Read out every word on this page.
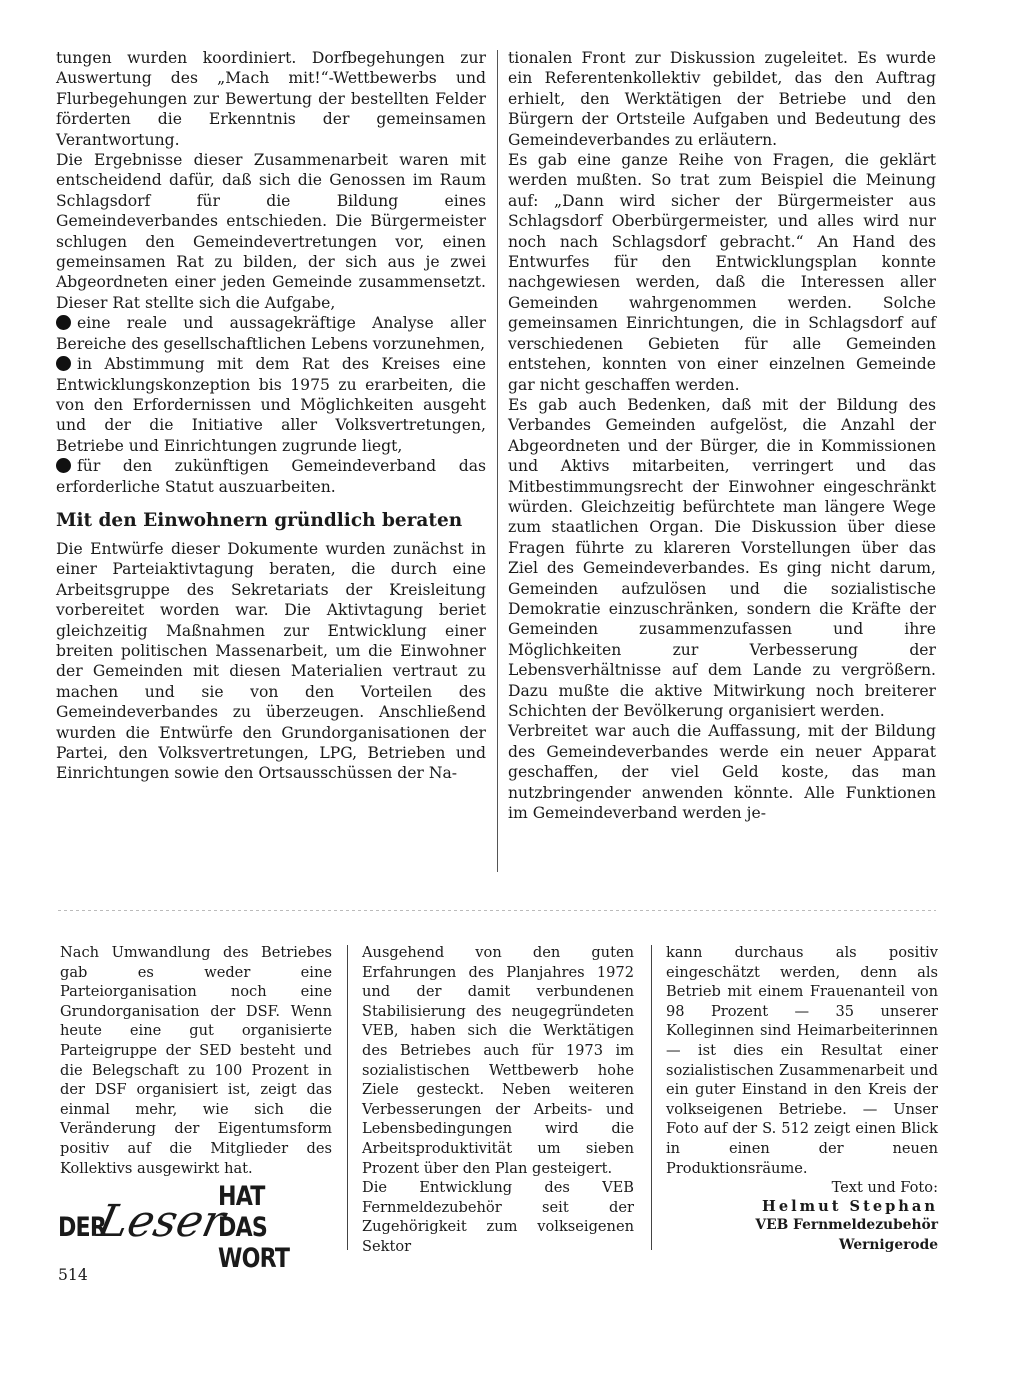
tungen wurden koordiniert. Dorfbegehungen zur Auswertung des „Mach mit!“-Wettbewerbs und Flurbegehungen zur Bewertung der bestellten Felder förderten die Erkenntnis der gemeinsamen Verantwortung.

Die Ergebnisse dieser Zusammenarbeit waren mit entscheidend dafür, daß sich die Genossen im Raum Schlagsdorf für die Bildung eines Gemeindeverbandes entschieden. Die Bürgermeister schlugen den Gemeindevertretungen vor, einen gemeinsamen Rat zu bilden, der sich aus je zwei Abgeordneten einer jeden Gemeinde zusammensetzt. Dieser Rat stellte sich die Aufgabe,

eine reale und aussagekräftige Analyse aller Bereiche des gesellschaftlichen Lebens vorzunehmen,

in Abstimmung mit dem Rat des Kreises eine Entwicklungskonzeption bis 1975 zu erarbeiten, die von den Erfordernissen und Möglichkeiten ausgeht und der die Initiative aller Volksvertretungen, Betriebe und Einrichtungen zugrunde liegt,

für den zukünftigen Gemeindeverband das erforderliche Statut auszuarbeiten.

Mit den Einwohnern gründlich beraten

Die Entwürfe dieser Dokumente wurden zunächst in einer Parteiaktivtagung beraten, die durch eine Arbeitsgruppe des Sekretariats der Kreisleitung vorbereitet worden war. Die Aktivtagung beriet gleichzeitig Maßnahmen zur Entwicklung einer breiten politischen Massenarbeit, um die Einwohner der Gemeinden mit diesen Materialien vertraut zu machen und sie von den Vorteilen des Gemeindeverbandes zu überzeugen. Anschließend wurden die Entwürfe den Grundorganisationen der Partei, den Volksvertretungen, LPG, Betrieben und Einrichtungen sowie den Ortsausschüssen der Na-

tionalen Front zur Diskussion zugeleitet. Es wurde ein Referentenkollektiv gebildet, das den Auftrag erhielt, den Werktätigen der Betriebe und den Bürgern der Ortsteile Aufgaben und Bedeutung des Gemeindeverbandes zu erläutern.

Es gab eine ganze Reihe von Fragen, die geklärt werden mußten. So trat zum Beispiel die Meinung auf: „Dann wird sicher der Bürgermeister aus Schlagsdorf Oberbürgermeister, und alles wird nur noch nach Schlagsdorf gebracht.“ An Hand des Entwurfes für den Entwicklungsplan konnte nachgewiesen werden, daß die Interessen aller Gemeinden wahrgenommen werden. Solche gemeinsamen Einrichtungen, die in Schlagsdorf auf verschiedenen Gebieten für alle Gemeinden entstehen, konnten von einer einzelnen Gemeinde gar nicht geschaffen werden.

Es gab auch Bedenken, daß mit der Bildung des Verbandes Gemeinden aufgelöst, die Anzahl der Abgeordneten und der Bürger, die in Kommissionen und Aktivs mitarbeiten, verringert und das Mitbestimmungsrecht der Einwohner eingeschränkt würden. Gleichzeitig befürchtete man längere Wege zum staatlichen Organ. Die Diskussion über diese Fragen führte zu klareren Vorstellungen über das Ziel des Gemeindeverbandes. Es ging nicht darum, Gemeinden aufzulösen und die sozialistische Demokratie einzuschränken, sondern die Kräfte der Gemeinden zusammenzufassen und ihre Möglichkeiten zur Verbesserung der Lebensverhältnisse auf dem Lande zu vergrößern. Dazu mußte die aktive Mitwirkung noch breiterer Schichten der Bevölkerung organisiert werden.

Verbreitet war auch die Auffassung, mit der Bildung des Gemeindeverbandes werde ein neuer Apparat geschaffen, der viel Geld koste, das man nutzbringender anwenden könnte. Alle Funktionen im Gemeindeverband werden je-

Nach Umwandlung des Betriebes gab es weder eine Parteiorganisation noch eine Grundorganisation der DSF. Wenn heute eine gut organisierte Parteigruppe der SED besteht und die Belegschaft zu 100 Prozent in der DSF organisiert ist, zeigt das einmal mehr, wie sich die Veränderung der Eigentumsform positiv auf die Mitglieder des Kollektivs ausgewirkt hat.

Ausgehend von den guten Erfahrungen des Planjahres 1972 und der damit verbundenen Stabilisierung des neugegründeten VEB, haben sich die Werktätigen des Betriebes auch für 1973 im sozialistischen Wettbewerb hohe Ziele gesteckt. Neben weiteren Verbesserungen der Arbeits- und Lebensbedingungen wird die Arbeitsproduktivität um sieben Prozent über den Plan gesteigert.

Die Entwicklung des VEB Fernmeldezubehör seit der Zugehörigkeit zum volkseigenen Sektor

kann durchaus als positiv eingeschätzt werden, denn als Betrieb mit einem Frauenanteil von 98 Prozent — 35 unserer Kolleginnen sind Heimarbeiterinnen — ist dies ein Resultat einer sozialistischen Zusammenarbeit und ein guter Einstand in den Kreis der volkseigenen Betriebe. — Unser Foto auf der S. 512 zeigt einen Blick in einen der neuen Produktionsräume.

Text und Foto:
Helmut Stephan
VEB Fernmeldezubehör
Wernigerode
DER
Leser
HAT DAS WORT
514
